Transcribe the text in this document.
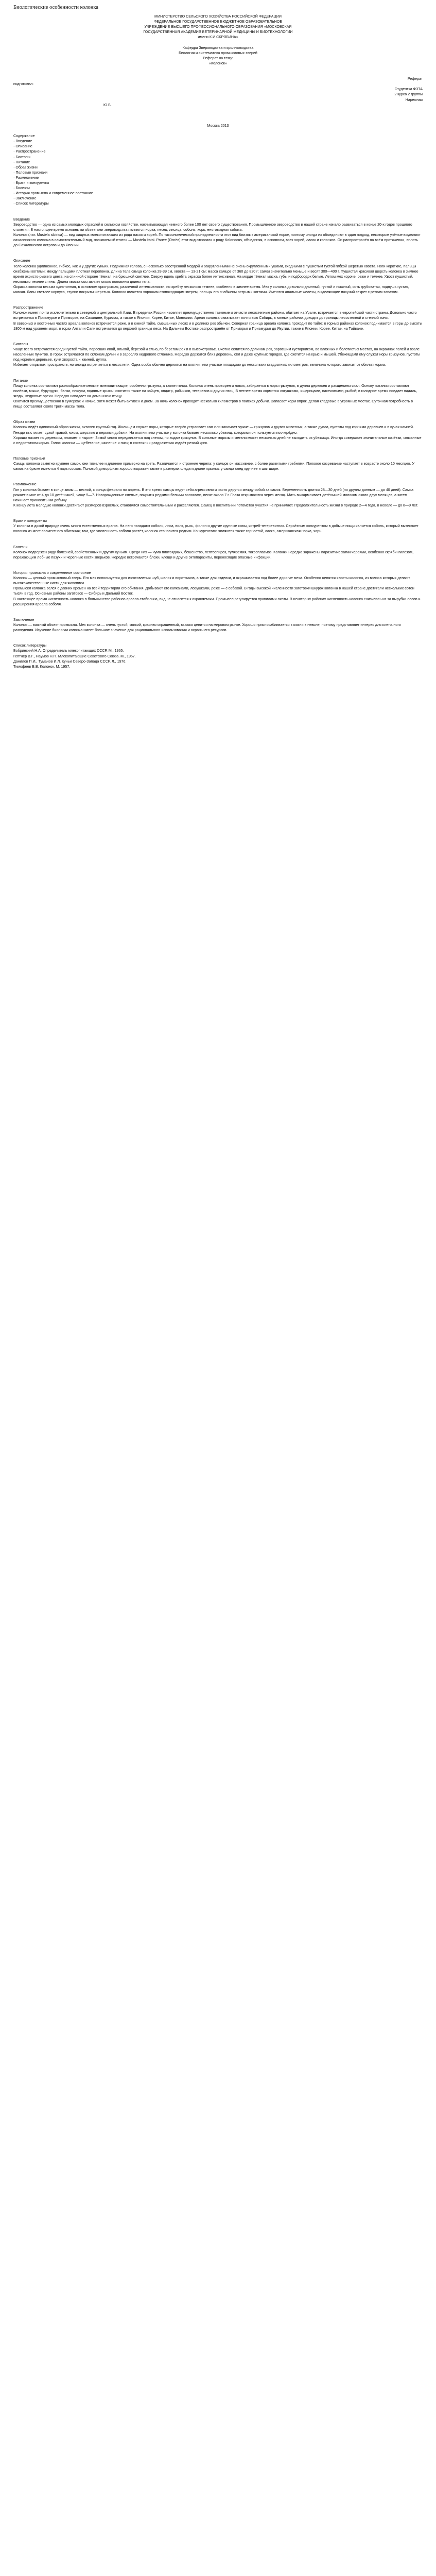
Биологические особенности колонка

МИНИСТЕРСТВО СЕЛЬСКОГО ХОЗЯЙСТВА РОССИЙСКОЙ ФЕДЕРАЦИИ

ФЕДЕРАЛЬНОЕ ГОСУДАРСТВЕННОЕ БЮДЖЕТНОЕ ОБРАЗОВАТЕЛЬНОЕ

УЧРЕЖДЕНИЕ ВЫСШЕГО ПРОФЕССИОНАЛЬНОГО ОБРАЗОВАНИЯ «МОСКОВСКАЯ

ГОСУДАРСТВЕННАЯ АКАДЕМИЯ ВЕТЕРИНАРНОЙ МЕДИЦИНЫ И БИОТЕХНОЛОГИИ

имени К.И.СКРЯБИНА»

Кафедра Звероводства и кролиководства

Биология и систематика промысловых зверей

Реферат на тему:

«Колонок»

Реферат

подготовил:

Студентка ФЗТА

2 курса 2 группы

Нарежная

Ю.Б.

Москва 2013

Содержание

· Введение

· Описание

· Распространение

· Биотопы

· Питание

· Образ жизни

· Половые признаки

· Размножение

· Враги и конкуренты

· Болезни

· История промысла и современное состояние

· Заключение

· Список литературы

Введение

Звероводство — одна из самых молодых отраслей в сельском хозяйстве, насчитывающая немного более 100 лет своего существования. Промышленное звероводство в нашей стране начало развиваться в конце 20-х годов прошлого столетия. В настоящее время основными объектами звероводства являются норка, песец, лисица, соболь, хорь, енотовидная собака.

Колонок (лат. Mustela sibirica) — вид хищных млекопитающих из рода ласок и хорей. По таксономической принадлежности этот вид близок к американской норке, поэтому иногда их объединяют в один подрод, некоторые учёные выделяют сахалинского колонка в самостоятельный вид, называемый итатси — Mustela itatsi. Ранее (Огнёв) этот вид относили к роду Kolonocus, объединяя, в основном, всех хорей, ласок и колонков. Он распространён на всём протяжении, вплоть до Сахалинского острова и до Японии.

Описание

Тело колонка удлинённое, гибкое, как и у других куньих. Подвижная голова, с несколько заостренной мордой и закруглёнными не очень округлёнными ушами, сходными с пушистым густой гибкой шерстью хвоста. Ноги короткие, пальцы снабжены когтями; между пальцами плотная перепонка. Длина тела самца колонка 28-39 см, хвоста — 13-21 см; масса самцов от 360 до 820 г; самки значительно меньше и весят 300—400 г. Пушистая красивая шерсть колонка в зимнее время охристо-рыжего цвета, на спинной стороне тёмная, на брюшной светлее. Сверху вдоль хребта окраска более интенсивная. На морде тёмная маска, губы и подбородок белые. Летом мех короче, реже и темнее. Хвост пушистый, несколько темнее спины. Длина хвоста составляет около половины длины тела.

Окраска колонка весьма однотонная, в основном ярко-рыжая, различной интенсивности, по хребту несколько темнее, особенно в зимнее время. Мех у колонка довольно длинный, густой и пышный, ость грубоватая, подпушь густая, мягкая. Лапы светлее корпуса, ступни покрыты шерстью. Колонок является хорошим стопоходящим зверем, пальцы его снабжены острыми когтями. Имеются анальные железы, выделяющие пахучий секрет с резким запахом.

Распространение

Колонок имеет почти исключительно в северной и центральной Азии. В пределах России населяет преимущественно таежные и отчасти лесостепные районы, обитает на Урале, встречается в европейской части страны. Довольно часто встречается в Приамурье и Приморье, на Сахалине, Курилах, а также в Японии, Корее, Китае, Монголии. Ареал колонка охватывает почти всю Сибирь, в южных районах доходит до границы лесостепной и степной зоны.

В северных и восточных частях ареала колонок встречается реже, а в южной тайге, смешанных лесах и в долинах рек обычен. Северная граница ареала колонка проходит по тайге; в горных районах колонок поднимается в горы до высоты 1800 м над уровнем моря, в горах Алтая и Саян встречается до верхней границы леса. На Дальнем Востоке распространён от Приморья и Приамурья до Якутии, также в Японии, Корее, Китае, на Тайване.

Биотопы

Чаще всего встречается среди густой тайги, поросших ивой, ольхой, берёзой и елью, по берегам рек и в высокотравье. Охотно селится по долинам рек, заросшим кустарником, во влажных и болотистых местах, на окраинах полей и возле населённых пунктов. В горах встречается по склонам долин и в зарослях кедрового стланика. Нередко держится близ деревень, сёл и даже крупных городов, где охотится на крыс и мышей. Убежищами ему служат норы грызунов, пустоты под корнями деревьев, кучи хвороста и камней, дупла.

Избегает открытых пространств, но иногда встречается в лесостепи. Одна особь обычно держится на охотничьем участке площадью до нескольких квадратных километров, величина которого зависит от обилия корма.

Питание

Пищу колонка составляют разнообразные мелкие млекопитающие, особенно грызуны, а также птицы. Колонок очень проворен и ловок, забирается в норы грызунов, в дупла деревьев и расщелины скал. Основу питания составляют полёвки, мыши, бурундуки, белки, пищухи, водяные крысы; охотится также на зайцев, ондатр, рябчиков, тетеревов и других птиц. В летнее время кормится лягушками, ящерицами, насекомыми, рыбой; в голодное время поедает падаль, ягоды, кедровые орехи. Нередко нападает на домашнюю птицу.

Охотится преимущественно в сумерках и ночью, хотя может быть активен и днём. За ночь колонок проходит несколько километров в поисках добычи. Запасает корм впрок, делая кладовые в укромных местах. Суточная потребность в пище составляет около трети массы тела.

Образ жизни

Колонок ведёт одиночный образ жизни, активен круглый год. Жилищем служат норы, которые зверёк устраивает сам или занимает чужие — грызунов и других животных, а также дупла, пустоты под корнями деревьев и в кучах камней. Гнездо выстилает сухой травой, мхом, шерстью и перьями добычи. На охотничьем участке у колонка бывает несколько убежищ, которыми он пользуется поочерёдно.

Хорошо лазает по деревьям, плавает и ныряет. Зимой много передвигается под снегом, по ходам грызунов. В сильные морозы и метели может несколько дней не выходить из убежища. Иногда совершает значительные кочёвки, связанные с недостатком корма. Голос колонка — щебетание, шипение и писк; в состоянии раздражения издаёт резкий крик.

Половые признаки

Самцы колонка заметно крупнее самок, они тяжелее и длиннее примерно на треть. Различается и строение черепа: у самцов он массивнее, с более развитыми гребнями. Половое созревание наступает в возрасте около 10 месяцев. У самок на брюхе имеются 4 пары сосков. Половой диморфизм хорошо выражен также в размерах следа и длине прыжка: у самца след крупнее и шаг шире.

Размножение

Гон у колонка бывает в конце зимы — весной, с конца февраля по апрель. В это время самцы ведут себя агрессивно и часто дерутся между собой за самок. Беременность длится 28—30 дней (по другим данным — до 40 дней). Самка рожает в мае от 4 до 10 детёнышей, чаще 5—7. Новорожденные слепые, покрыты редкими белыми волосами, весят около 7 г. Глаза открываются через месяц. Мать выкармливает детёнышей молоком около двух месяцев, а затем начинает приносить им добычу.

К концу лета молодые колонки достигают размеров взрослых, становятся самостоятельными и расселяются. Самец в воспитании потомства участия не принимает. Продолжительность жизни в природе 2—4 года, в неволе — до 8—9 лет.

Враги и конкуренты

У колонка в дикой природе очень много естественных врагов. На него нападают соболь, лиса, волк, рысь, филин и другие крупные совы, ястреб-тетеревятник. Серьёзным конкурентом в добыче пищи является соболь, который вытесняет колонка из мест совместного обитания; там, где численность соболя растёт, колонок становится редким. Конкурентами являются также горностай, ласка, американская норка, хорь.

Болезни

Колонок подвержен ряду болезней, свойственных и другим куньим. Среди них — чума плотоядных, бешенство, лептоспироз, туляремия, токсоплазмоз. Колонки нередко заражены паразитическими червями, особенно скрябингилёзом, поражающим лобные пазухи и черепные кости зверьков. Нередко встречаются блохи, клещи и другие эктопаразиты, переносящие опасные инфекции.

История промысла и современное состояние

Колонок — ценный промысловый зверь. Его мех используется для изготовления шуб, шапок и воротников, а также для отделки, и окрашивается под более дорогие меха. Особенно ценятся хвосты колонка, из волоса которых делают высококачественные кисти для живописи.

Промысел колонка велся с давних времён на всей территории его обитания. Добывают его капканами, ловушками, реже — с собакой. В годы высокой численности заготовки шкурок колонка в нашей стране достигали нескольких сотен тысяч в год. Основные районы заготовок — Сибирь и Дальний Восток.

В настоящее время численность колонка в большинстве районов ареала стабильна, вид не относится к охраняемым. Промысел регулируется правилами охоты. В некоторых районах численность колонка снизилась из-за вырубки лесов и расширения ареала соболя.

Заключение

Колонок — важный объект промысла. Мех колонка — очень густой, мягкий, красиво окрашенный, высоко ценится на мировом рынке. Хорошо приспосабливается к жизни в неволе, поэтому представляет интерес для клеточного разведения. Изучение биологии колонка имеет большое значение для рационального использования и охраны его ресурсов.

Список литературы

Бобринский Н.А. Определитель млекопитающих СССР. М., 1965.

Гептнер В.Г., Наумов Н.П. Млекопитающие Советского Союза. М., 1967.

Данилов П.И., Туманов И.Л. Куньи Северо-Запада СССР. Л., 1976.

Тимофеев В.В. Колонок. М. 1957.
